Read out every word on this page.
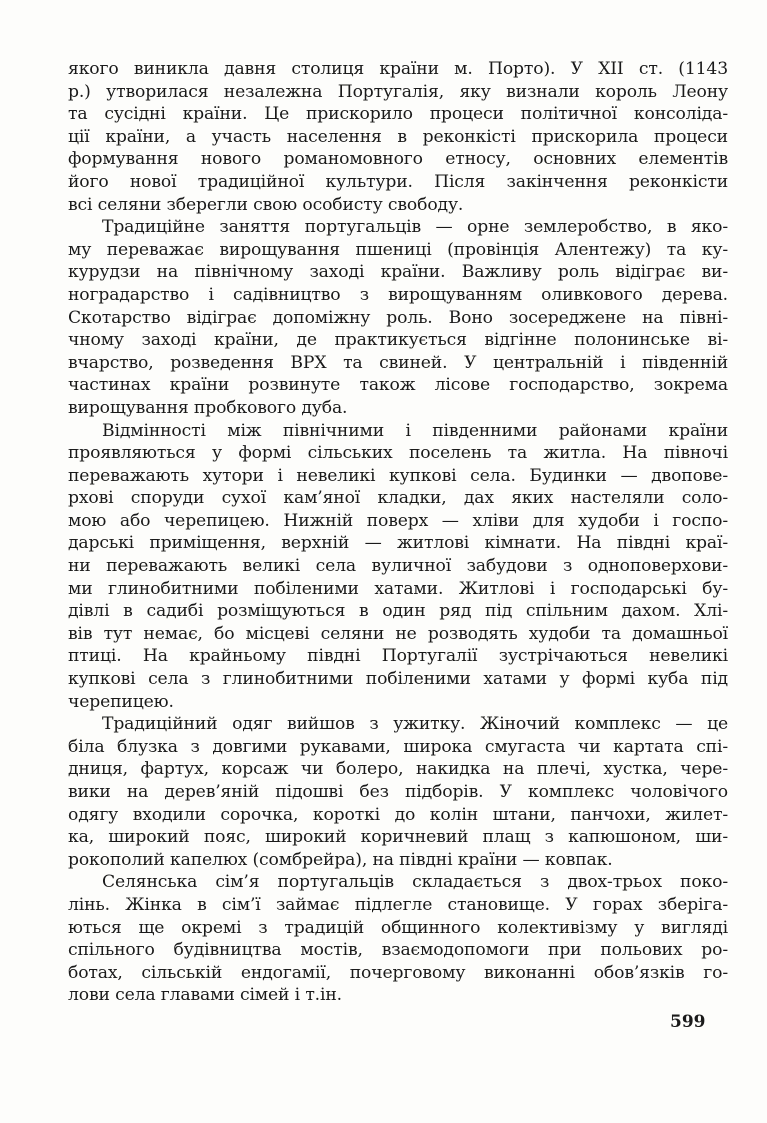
якого виникла давня столиця країни м. Порто). У XII ст. (1143
р.) утворилася незалежна Португалія, яку визнали король Леону
та сусідні країни. Це прискорило процеси політичної консолідa-
ції країни, а участь населення в реконкісті прискорила процеси
формування нового романомовного етносу, основних елементів
його нової традиційної культури. Після закінчення реконкісти
всі селяни зберегли свою особисту свободу.
Традиційне заняття португальців — орне землеробство, в яко-
му переважає вирощування пшениці (провінція Алентежу) та ку-
курудзи на північному заході країни. Важливу роль відіграє ви-
ноградарство і садівництво з вирощуванням оливкового дерева.
Скотарство відіграє допоміжну роль. Воно зосереджене на півні-
чному заході країни, де практикується відгінне полонинське ві-
вчарство, розведення ВРХ та свиней. У центральній і південній
частинах країни розвинуте також лісове господарство, зокрема
вирощування пробкового дуба.
Відмінності між північними і південними районами країни
проявляються у формі сільських поселень та житла. На півночі
переважають хутори і невеликі купкові села. Будинки — двопове-
рхові споруди сухої кам’яної кладки, дах яких настеляли соло-
мою або черепицею. Нижній поверх — хліви для худоби і госпо-
дарські приміщення, верхній — житлові кімнати. На півдні краї-
ни переважають великі села вуличної забудови з одноповерхови-
ми глинобитними побіленими хатами. Житлові і господарські бу-
дівлі в садибі розміщуються в один ряд під спільним дахом. Хлі-
вів тут немає, бо місцеві селяни не розводять худоби та домашньої
птиці. На крайньому півдні Португалії зустрічаються невеликі
купкові села з глинобитними побіленими хатами у формі куба під
черепицею.
Традиційний одяг вийшов з ужитку. Жіночий комплекс — це
біла блузка з довгими рукавами, широка смугаста чи картата спі-
дниця, фартух, корсаж чи болеро, накидка на плечі, хустка, чере-
вики на дерев’яній підошві без підборів. У комплекс чоловічого
одягу входили сорочка, короткі до колін штани, панчохи, жилет-
ка, широкий пояс, широкий коричневий плащ з капюшоном, ши-
рокополий капелюх (сомбрейра), на півдні країни — ковпак.
Селянська сім’я португальців складається з двох-трьох поко-
лінь. Жінка в сім’ї займає підлегле становище. У горах зберіга-
ються ще окремі з традицій общинного колективізму у вигляді
спільного будівництва мостів, взаємодопомоги при польових ро-
ботах, сільській ендогамії, почерговому виконанні обов’язків го-
лови села главами сімей і т.ін.
599
